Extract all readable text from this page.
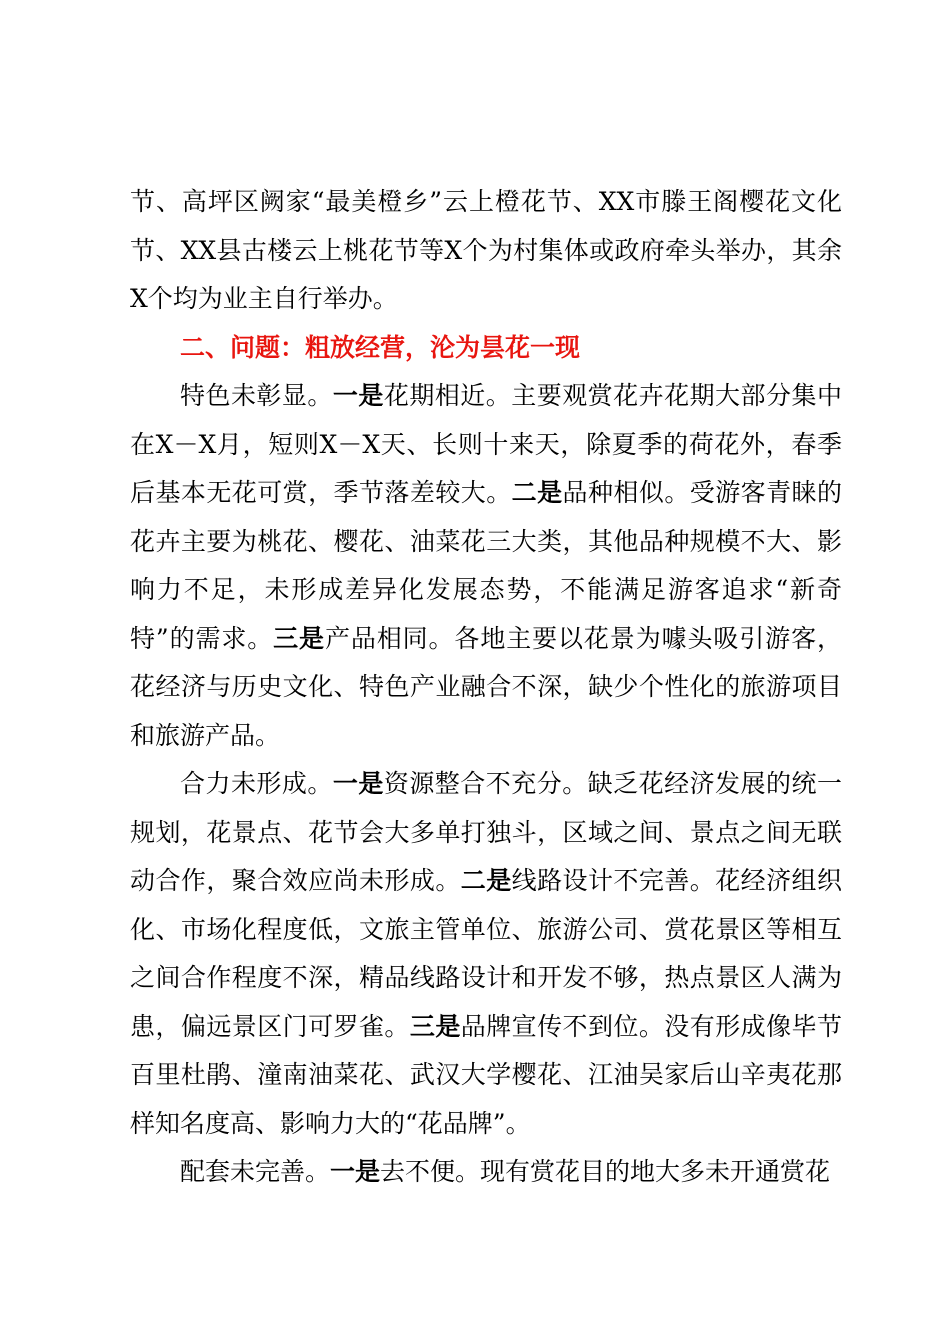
节、高坪区阙家“最美橙乡”云上橙花节、XX市滕王阁樱花文化节、XX县古楼云上桃花节等X个为村集体或政府牵头举办，其余X个均为业主自行举办。

二、问题：粗放经营，沦为昙花一现

特色未彰显。一是花期相近。主要观赏花卉花期大部分集中在X－X月，短则X－X天、长则十来天，除夏季的荷花外，春季后基本无花可赏，季节落差较大。二是品种相似。受游客青睐的花卉主要为桃花、樱花、油菜花三大类，其他品种规模不大、影响力不足，未形成差异化发展态势，不能满足游客追求“新奇特”的需求。三是产品相同。各地主要以花景为噱头吸引游客，花经济与历史文化、特色产业融合不深，缺少个性化的旅游项目和旅游产品。

合力未形成。一是资源整合不充分。缺乏花经济发展的统一规划，花景点、花节会大多单打独斗，区域之间、景点之间无联动合作，聚合效应尚未形成。二是线路设计不完善。花经济组织化、市场化程度低，文旅主管单位、旅游公司、赏花景区等相互之间合作程度不深，精品线路设计和开发不够，热点景区人满为患，偏远景区门可罗雀。三是品牌宣传不到位。没有形成像毕节百里杜鹃、潼南油菜花、武汉大学樱花、江油吴家后山辛夷花那样知名度高、影响力大的“花品牌”。

配套未完善。一是去不便。现有赏花目的地大多未开通赏花
